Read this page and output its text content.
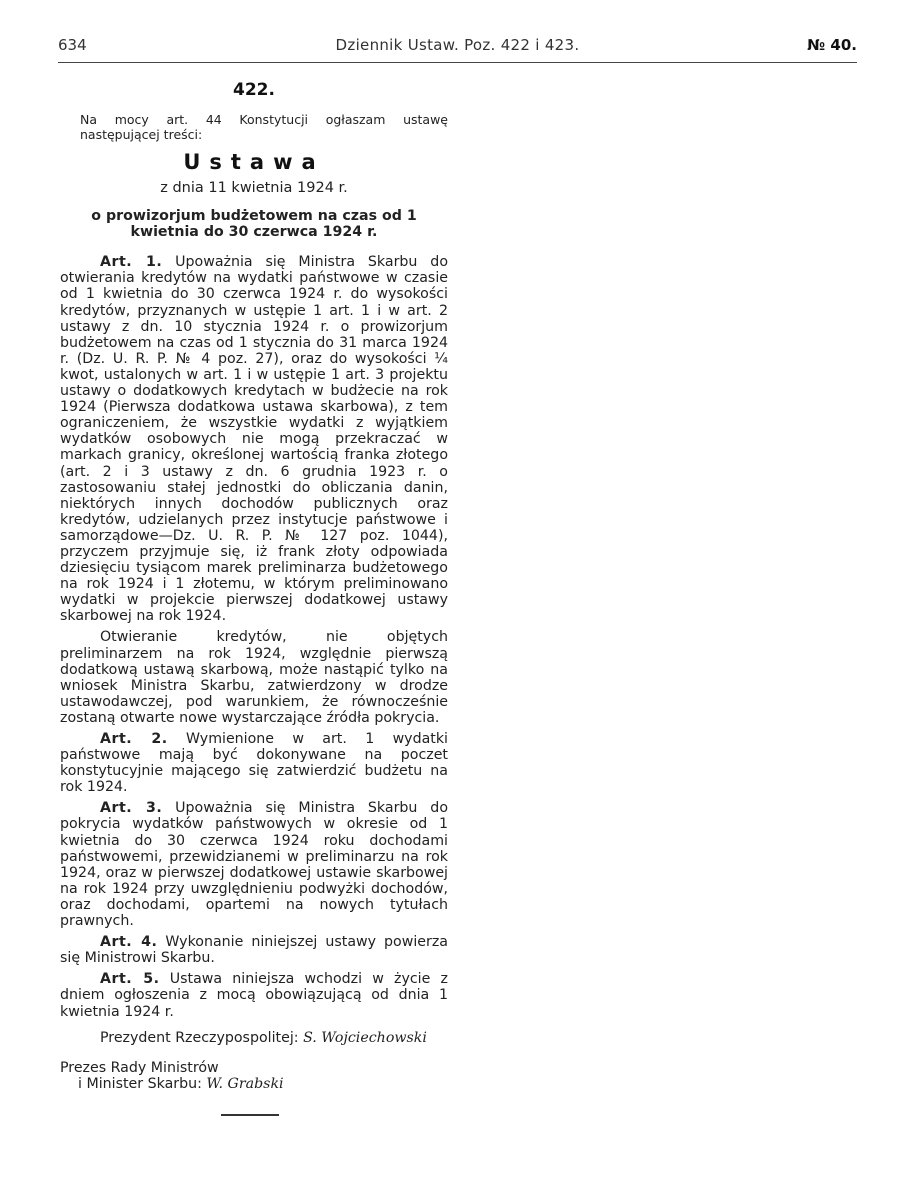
634	Dziennik Ustaw. Poz. 422 i 423.	№ 40.
422.
Na mocy art. 44 Konstytucji ogłaszam ustawę następującej treści:
Ustawa
z dnia 11 kwietnia 1924 r.
o prowizorjum budżetowem na czas od 1 kwietnia do 30 czerwca 1924 r.

Art. 1. Upoważnia się Ministra Skarbu do otwierania kredytów na wydatki państwowe w czasie od 1 kwietnia do 30 czerwca 1924 r. do wysokości kredytów, przyznanych w ustępie 1 art. 1 i w art. 2 ustawy z dn. 10 stycznia 1924 r. o prowizorjum budżetowem na czas od 1 stycznia do 31 marca 1924 r. (Dz. U. R. P. № 4 poz. 27), oraz do wysokości ¼ kwot, ustalonych w art. 1 i w ustępie 1 art. 3 projektu ustawy o dodatkowych kredytach w budżecie na rok 1924 (Pierwsza dodatkowa ustawa skarbowa), z tem ograniczeniem, że wszystkie wydatki z wyjątkiem wydatków osobowych nie mogą przekraczać w markach granicy, określonej wartością franka złotego (art. 2 i 3 ustawy z dn. 6 grudnia 1923 r. o zastosowaniu stałej jednostki do obliczania danin, niektórych innych dochodów publicznych oraz kredytów, udzielanych przez instytucje państwowe i samorządowe—Dz. U. R. P. № 127 poz. 1044), przyczem przyjmuje się, iż frank złoty odpowiada dziesięciu tysiącom marek preliminarza budżetowego na rok 1924 i 1 złotemu, w którym preliminowano wydatki w projekcie pierwszej dodatkowej ustawy skarbowej na rok 1924.

Otwieranie kredytów, nie objętych preliminarzem na rok 1924, względnie pierwszą dodatkową ustawą skarbową, może nastąpić tylko na wniosek Ministra Skarbu, zatwierdzony w drodze ustawodawczej, pod warunkiem, że równocześnie zostaną otwarte nowe wystarczające źródła pokrycia.

Art. 2. Wymienione w art. 1 wydatki państwowe mają być dokonywane na poczet konstytucyjnie mającego się zatwierdzić budżetu na rok 1924.

Art. 3. Upoważnia się Ministra Skarbu do pokrycia wydatków państwowych w okresie od 1 kwietnia do 30 czerwca 1924 roku dochodami państwowemi, przewidzianemi w preliminarzu na rok 1924, oraz w pierwszej dodatkowej ustawie skarbowej na rok 1924 przy uwzględnieniu podwyżki dochodów, oraz dochodami, opartemi na nowych tytułach prawnych.

Art. 4. Wykonanie niniejszej ustawy powierza się Ministrowi Skarbu.

Art. 5. Ustawa niniejsza wchodzi w życie z dniem ogłoszenia z mocą obowiązującą od dnia 1 kwietnia 1924 r.

Prezydent Rzeczypospolitej: S. Wojciechowski

Prezes Rady Ministrów

i Minister Skarbu: W. Grabski
